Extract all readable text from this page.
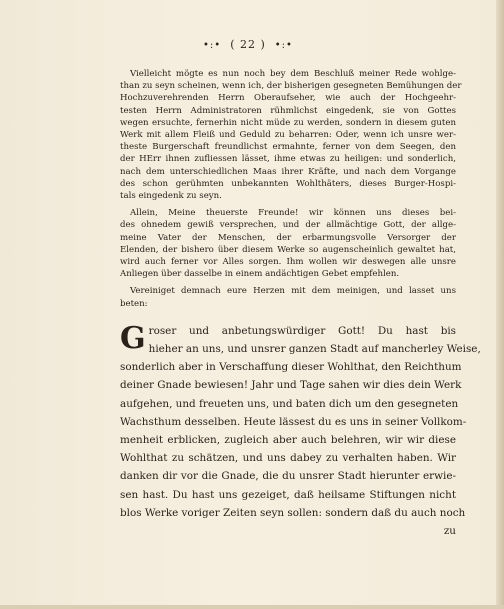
•:• ( 22 ) •:•
Vielleicht mögte es nun noch bey dem Beschluß meiner Rede wohlge-
than zu seyn scheinen, wenn ich, der bisherigen gesegneten Bemühungen der
Hochzuverehrenden Herrn Oberaufseher, wie auch der Hochgeehr-
testen Herrn Administratoren rühmlichst eingedenk, sie von Gottes
wegen ersuchte, fernerhin nicht müde zu werden, sondern in diesem guten
Werk mit allem Fleiß und Geduld zu beharren: Oder, wenn ich unsre wer-
theste Burgerschaft freundlichst ermahnte, ferner von dem Seegen, den
der HErr ihnen zufliessen lässet, ihme etwas zu heiligen: und sonderlich,
nach dem unterschiedlichen Maas ihrer Kräfte, und nach dem Vorgange
des schon gerühmten unbekannten Wohlthäters, dieses Burger-Hospi-
tals eingedenk zu seyn.
Allein, Meine theuerste Freunde! wir können uns dieses bei-
des ohnedem gewiß versprechen, und der allmächtige Gott, der allge-
meine Vater der Menschen, der erbarmungsvolle Versorger der
Elenden, der bishero über diesem Werke so augenscheinlich gewaltet hat,
wird auch ferner vor Alles sorgen. Ihm wollen wir deswegen alle unsre
Anliegen über dasselbe in einem andächtigen Gebet empfehlen.
Vereiniget demnach eure Herzen mit dem meinigen, und lasset uns
beten:
G roser und anbetungswürdiger Gott! Du hast bis
hieher an uns, und unsrer ganzen Stadt auf mancherley Weise,
sonderlich aber in Verschaffung dieser Wohlthat, den Reichthum
deiner Gnade bewiesen! Jahr und Tage sahen wir dies dein Werk
aufgehen, und freueten uns, und baten dich um den gesegneten
Wachsthum desselben. Heute lässest du es uns in seiner Vollkom-
menheit erblicken, zugleich aber auch belehren, wir wir diese
Wohlthat zu schätzen, und uns dabey zu verhalten haben. Wir
danken dir vor die Gnade, die du unsrer Stadt hierunter erwie-
sen hast. Du hast uns gezeiget, daß heilsame Stiftungen nicht
blos Werke voriger Zeiten seyn sollen: sondern daß du auch noch
zu
